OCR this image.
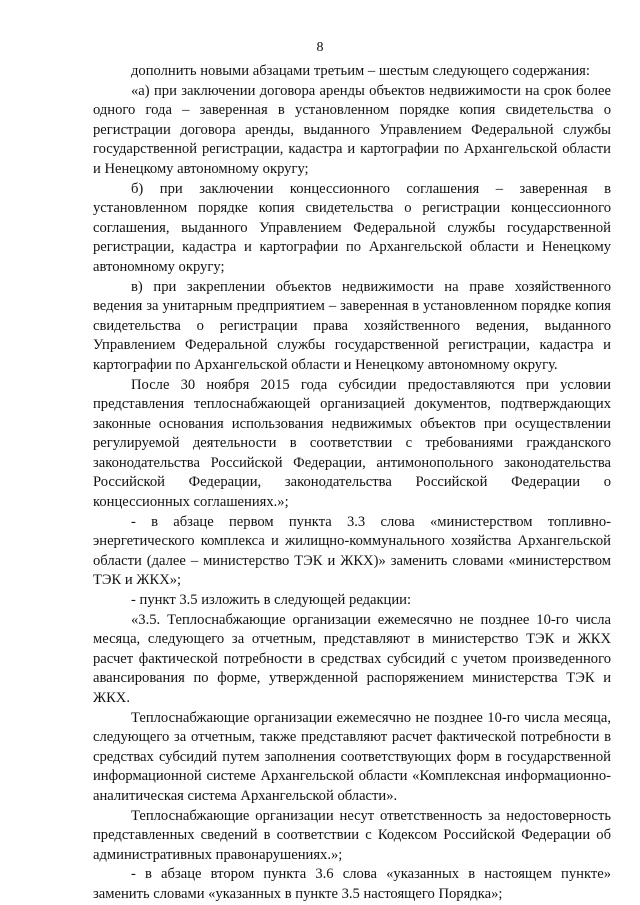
8

дополнить новыми абзацами третьим – шестым следующего содержания:

«а) при заключении договора аренды объектов недвижимости на срок более одного года – заверенная в установленном порядке копия свидетельства о регистрации договора аренды, выданного Управлением Федеральной службы государственной регистрации, кадастра и картографии по Архангельской области и Ненецкому автономному округу;

б) при заключении концессионного соглашения – заверенная в установленном порядке копия свидетельства о регистрации концессионного соглашения, выданного Управлением Федеральной службы государственной регистрации, кадастра и картографии по Архангельской области и Ненецкому автономному округу;

в) при закреплении объектов недвижимости на праве хозяйственного ведения за унитарным предприятием – заверенная в установленном порядке копия свидетельства о регистрации права хозяйственного ведения, выданного Управлением Федеральной службы государственной регистрации, кадастра и картографии по Архангельской области и Ненецкому автономному округу.

После 30 ноября 2015 года субсидии предоставляются при условии представления теплоснабжающей организацией документов, подтверждающих законные основания использования недвижимых объектов при осуществлении регулируемой деятельности в соответствии с требованиями гражданского законодательства Российской Федерации, антимонопольного законодательства Российской Федерации, законодательства Российской Федерации о концессионных соглашениях.»;

- в абзаце первом пункта 3.3 слова «министерством топливно-энергетического комплекса и жилищно-коммунального хозяйства Архангельской области (далее – министерство ТЭК и ЖКХ)» заменить словами «министерством ТЭК и ЖКХ»;

- пункт 3.5 изложить в следующей редакции:

«3.5. Теплоснабжающие организации ежемесячно не позднее 10-го числа месяца, следующего за отчетным, представляют в министерство ТЭК и ЖКХ расчет фактической потребности в средствах субсидий с учетом произведенного авансирования по форме, утвержденной распоряжением министерства ТЭК и ЖКХ.

Теплоснабжающие организации ежемесячно не позднее 10-го числа месяца, следующего за отчетным, также представляют расчет фактической потребности в средствах субсидий путем заполнения соответствующих форм в государственной информационной системе Архангельской области «Комплексная информационно-аналитическая система Архангельской области».

Теплоснабжающие организации несут ответственность за недостоверность представленных сведений в соответствии с Кодексом Российской Федерации об административных правонарушениях.»;

- в абзаце втором пункта 3.6 слова «указанных в настоящем пункте» заменить словами «указанных в пункте 3.5 настоящего Порядка»;
